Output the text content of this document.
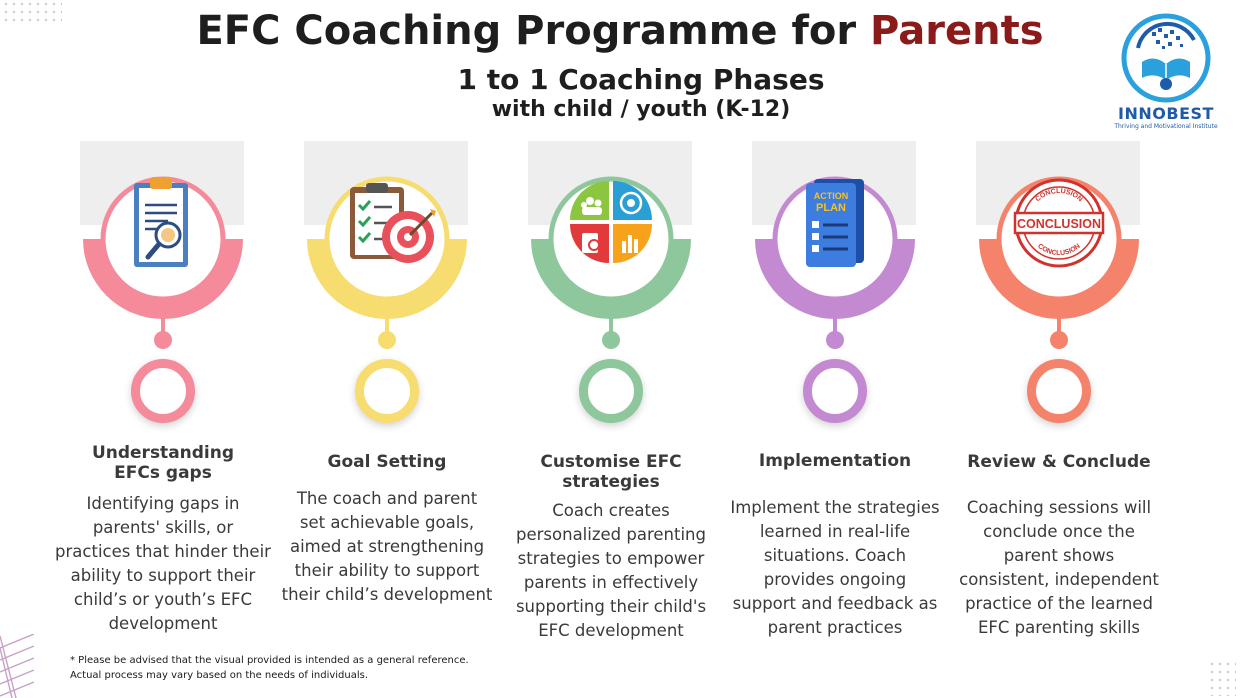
EFC Coaching Programme for Parents
1 to 1 Coaching Phases
with child / youth (K-12)	INNOBEST
Thriving and Motivational Institute
Understanding
EFCs gaps
Identifying gaps in
parents' skills, or
practices that hinder their
ability to support their
child’s or youth’s EFC
development
Goal Setting
The coach and parent
set achievable goals,
aimed at strengthening
their ability to support
their child’s development
Customise EFC
strategies
Coach creates
personalized parenting
strategies to empower
parents in effectively
supporting their child's
EFC development
ACTION
PLAN
Implementation
Implement the strategies
learned in real-life
situations. Coach
provides ongoing
support and feedback as
parent practices
CONCLUSION
CONCLUSION
CONCLUSION
Review & Conclude
Coaching sessions will
conclude once the
parent shows
consistent, independent
practice of the learned
EFC parenting skills
* Please be advised that the visual provided is intended as a general reference.
Actual process may vary based on the needs of individuals.
